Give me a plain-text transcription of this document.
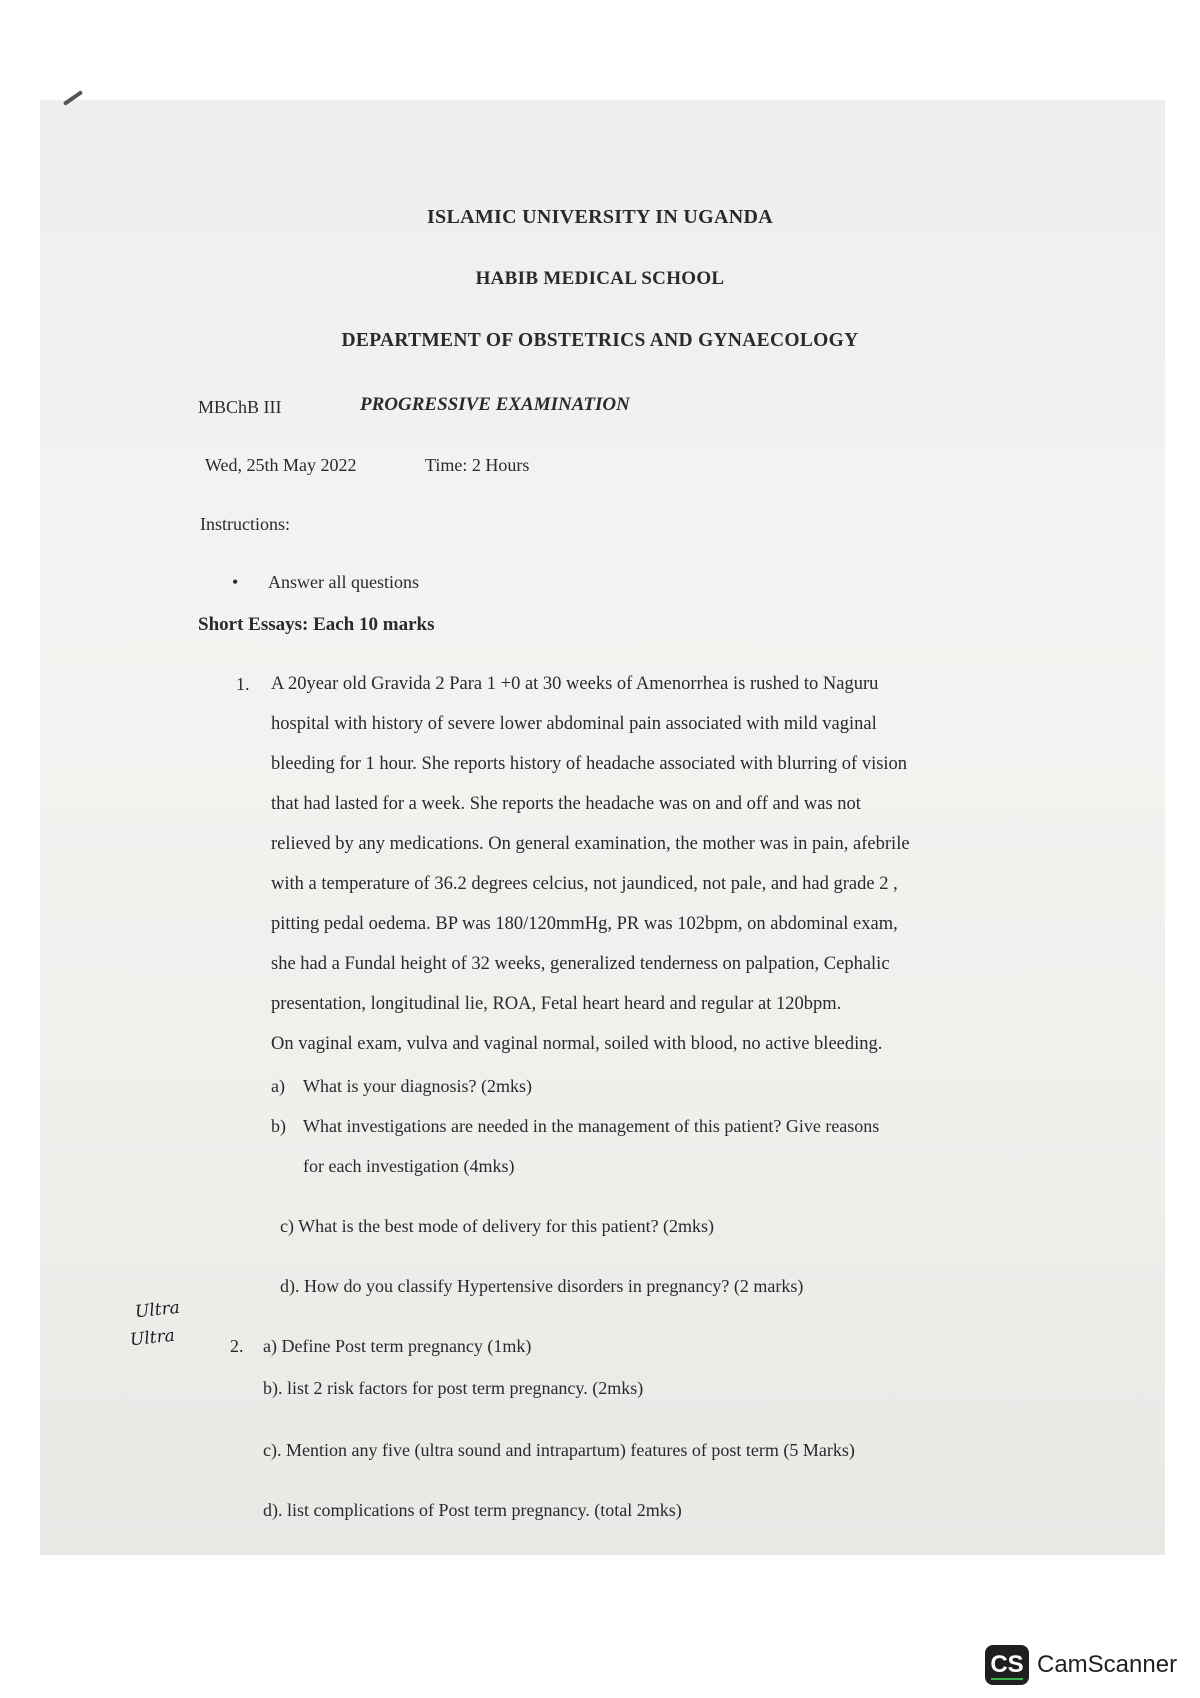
ISLAMIC UNIVERSITY IN UGANDA
HABIB MEDICAL SCHOOL
DEPARTMENT OF OBSTETRICS AND GYNAECOLOGY
MBChB III	PROGRESSIVE EXAMINATION
Wed, 25th May 2022	Time: 2 Hours
Instructions:
• Answer all questions
Short Essays: Each 10 marks
1. A 20year old Gravida 2 Para 1 +0 at 30 weeks of Amenorrhea is rushed to Naguru
hospital with history of severe lower abdominal pain associated with mild vaginal
bleeding for 1 hour. She reports history of headache associated with blurring of vision
that had lasted for a week. She reports the headache was on and off and was not
relieved by any medications. On general examination, the mother was in pain, afebrile
with a temperature of 36.2 degrees celcius, not jaundiced, not pale, and had grade 2 ,
pitting pedal oedema. BP was 180/120mmHg, PR was 102bpm, on abdominal exam,
she had a Fundal height of 32 weeks, generalized tenderness on palpation, Cephalic
presentation, longitudinal lie, ROA, Fetal heart heard and regular at 120bpm.
On vaginal exam, vulva and vaginal normal, soiled with blood, no active bleeding.
a) What is your diagnosis? (2mks)
b) What investigations are needed in the management of this patient? Give reasons
for each investigation (4mks)
c) What is the best mode of delivery for this patient? (2mks)
d). How do you classify Hypertensive disorders in pregnancy? (2 marks)
Ultra
Ultra	2. a) Define Post term pregnancy (1mk)
b). list 2 risk factors for post term pregnancy. (2mks)
c). Mention any five (ultra sound and intrapartum) features of post term (5 Marks)
d). list complications of Post term pregnancy. (total 2mks)
CS CamScanner
